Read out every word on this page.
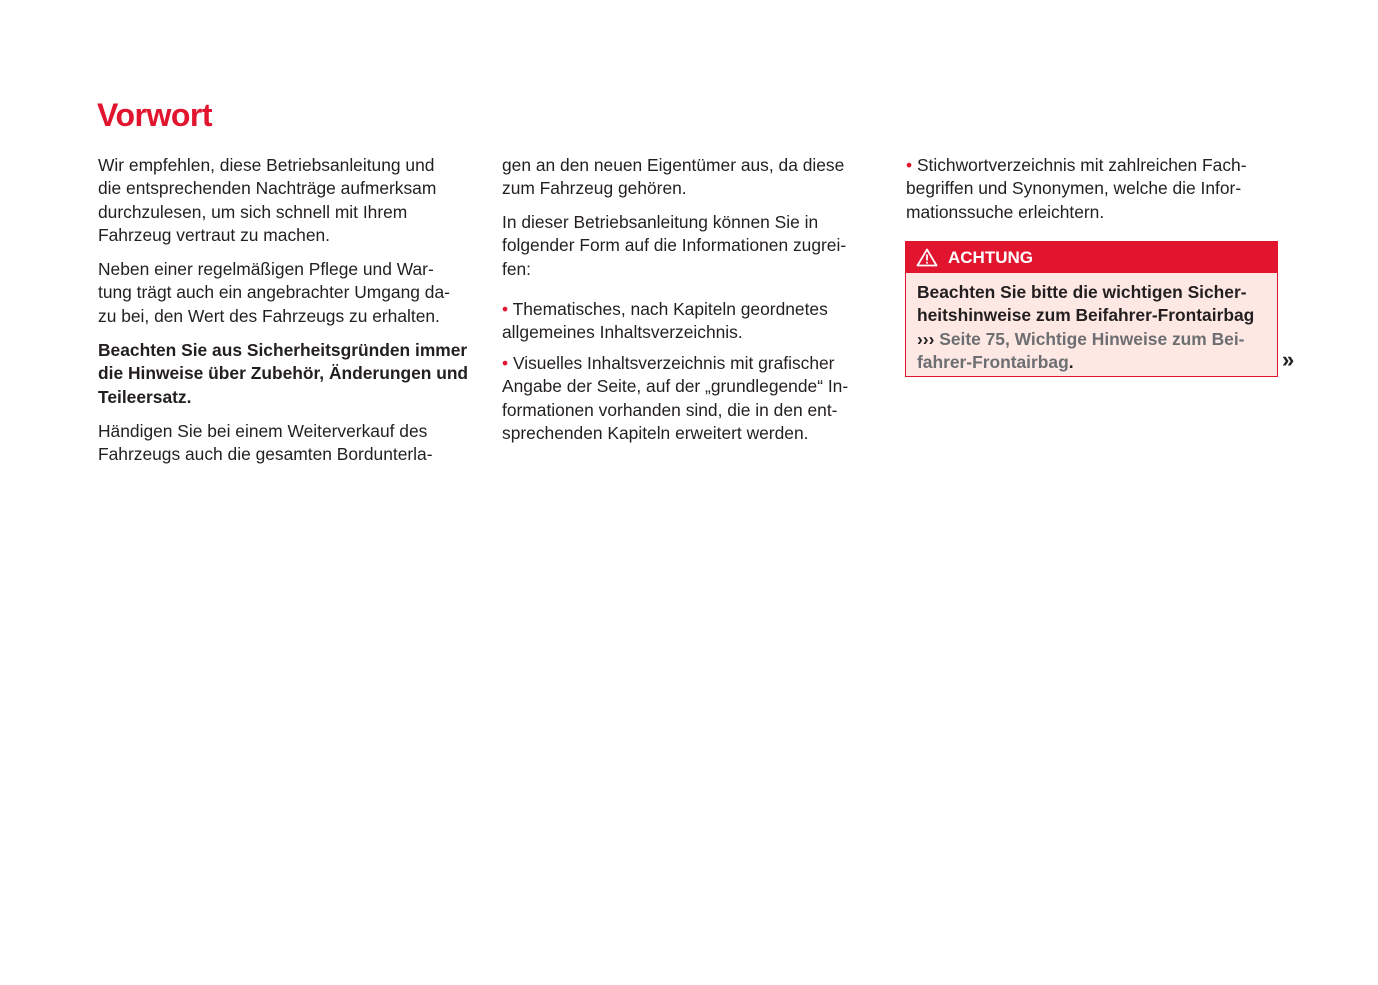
Vorwort
Wir empfehlen, diese Betriebsanleitung und
die entsprechenden Nachträge aufmerksam
durchzulesen, um sich schnell mit Ihrem
Fahrzeug vertraut zu machen.
Neben einer regelmäßigen Pflege und War-
tung trägt auch ein angebrachter Umgang da-
zu bei, den Wert des Fahrzeugs zu erhalten.
Beachten Sie aus Sicherheitsgründen immer
die Hinweise über Zubehör, Änderungen und
Teileersatz.
Händigen Sie bei einem Weiterverkauf des
Fahrzeugs auch die gesamten Bordunterla-
gen an den neuen Eigentümer aus, da diese
zum Fahrzeug gehören.
In dieser Betriebsanleitung können Sie in
folgender Form auf die Informationen zugrei-
fen:
• Thematisches, nach Kapiteln geordnetes
allgemeines Inhaltsverzeichnis.
• Visuelles Inhaltsverzeichnis mit grafischer
Angabe der Seite, auf der „grundlegende“ In-
formationen vorhanden sind, die in den ent-
sprechenden Kapiteln erweitert werden.
• Stichwortverzeichnis mit zahlreichen Fach-
begriffen und Synonymen, welche die Infor-
mationssuche erleichtern.
ACHTUNG
Beachten Sie bitte die wichtigen Sicher-
heitshinweise zum Beifahrer-Frontairbag
››› Seite 75, Wichtige Hinweise zum Bei-
fahrer-Frontairbag.	»
